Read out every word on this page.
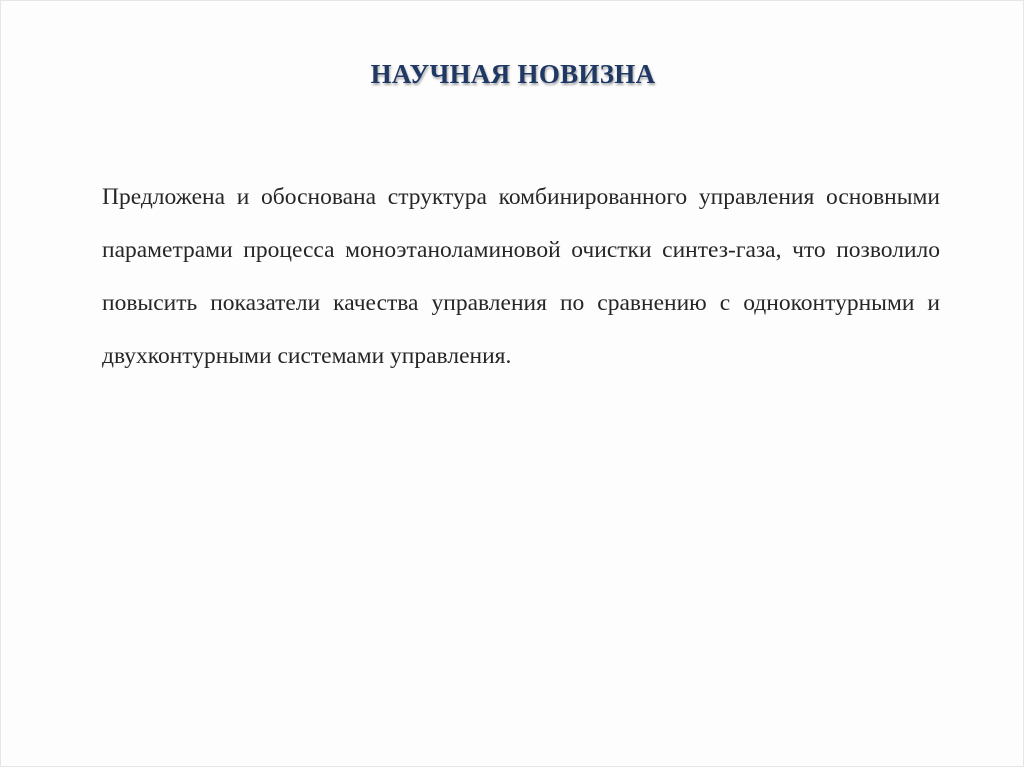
НАУЧНАЯ НОВИЗНА

Предложена и обоснована структура комбинированного управления основными параметрами процесса моноэтаноламиновой очистки синтез-газа, что позволило повысить показатели качества управления по сравнению с одноконтурными и двухконтурными системами управления.
